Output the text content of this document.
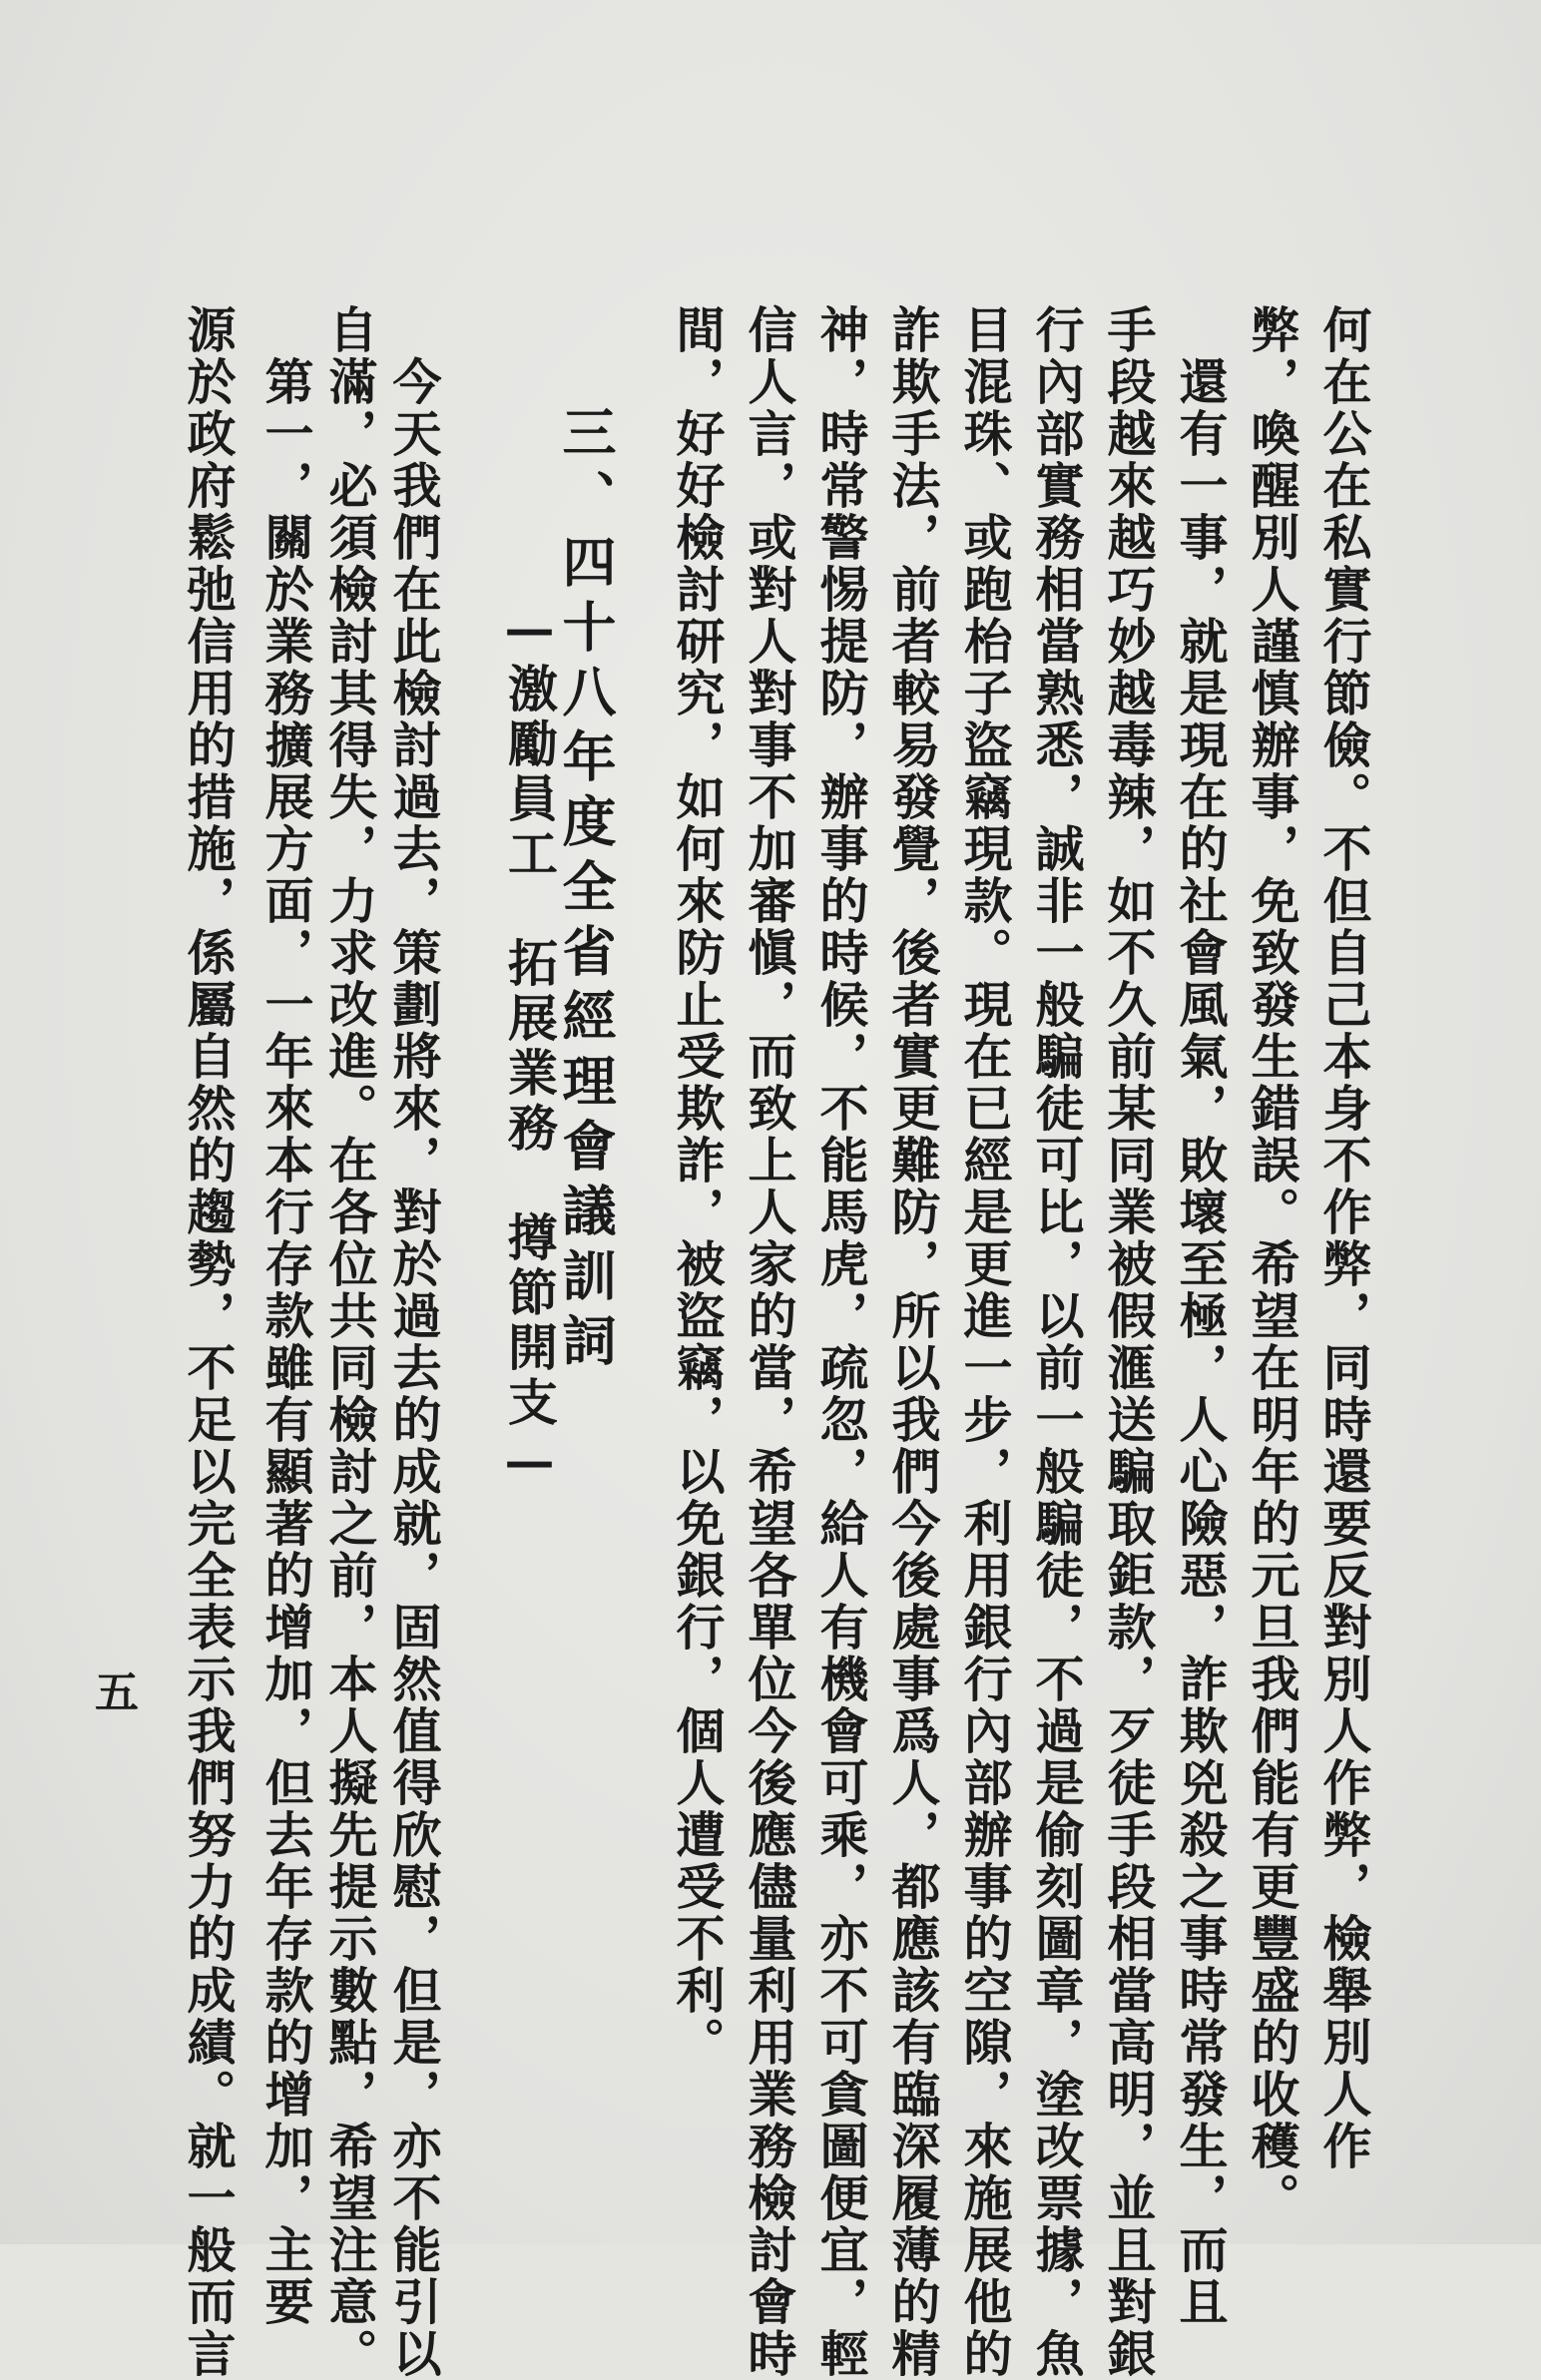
何在公在私實行節儉。不但自己本身不作弊，同時還要反對別人作弊，檢舉別人作
弊，喚醒別人謹慎辦事，免致發生錯誤。希望在明年的元旦我們能有更豐盛的收穫。
　還有一事，就是現在的社會風氣，敗壞至極，人心險惡，詐欺兇殺之事時常發生，而且
手段越來越巧妙越毒辣，如不久前某同業被假滙送騙取鉅款，歹徒手段相當高明，並且對銀
行內部實務相當熟悉，誠非一般騙徒可比，以前一般騙徒，不過是偷刻圖章，塗改票據，魚
目混珠、或跑枱子盜竊現款。現在已經是更進一步，利用銀行內部辦事的空隙，來施展他的
詐欺手法，前者較易發覺，後者實更難防，所以我們今後處事爲人，都應該有臨深履薄的精
神，時常警惕提防，辦事的時候，不能馬虎，疏忽，給人有機會可乘，亦不可貪圖便宜，輕
信人言，或對人對事不加審愼，而致上人家的當，希望各單位今後應儘量利用業務檢討會時
間，好好檢討研究，如何來防止受欺詐，被盜竊，以免銀行，個人遭受不利。
三、四十八年度全省經理會議訓詞
—激勵員工　拓展業務　撙節開支—
　今天我們在此檢討過去，策劃將來，對於過去的成就，固然值得欣慰，但是，亦不能引以
自滿，必須檢討其得失，力求改進。在各位共同檢討之前，本人擬先提示數點，希望注意。
　第一，關於業務擴展方面，一年來本行存款雖有顯著的增加，但去年存款的增加，主要
源於政府鬆弛信用的措施，係屬自然的趨勢，不足以完全表示我們努力的成績。就一般而言
五
